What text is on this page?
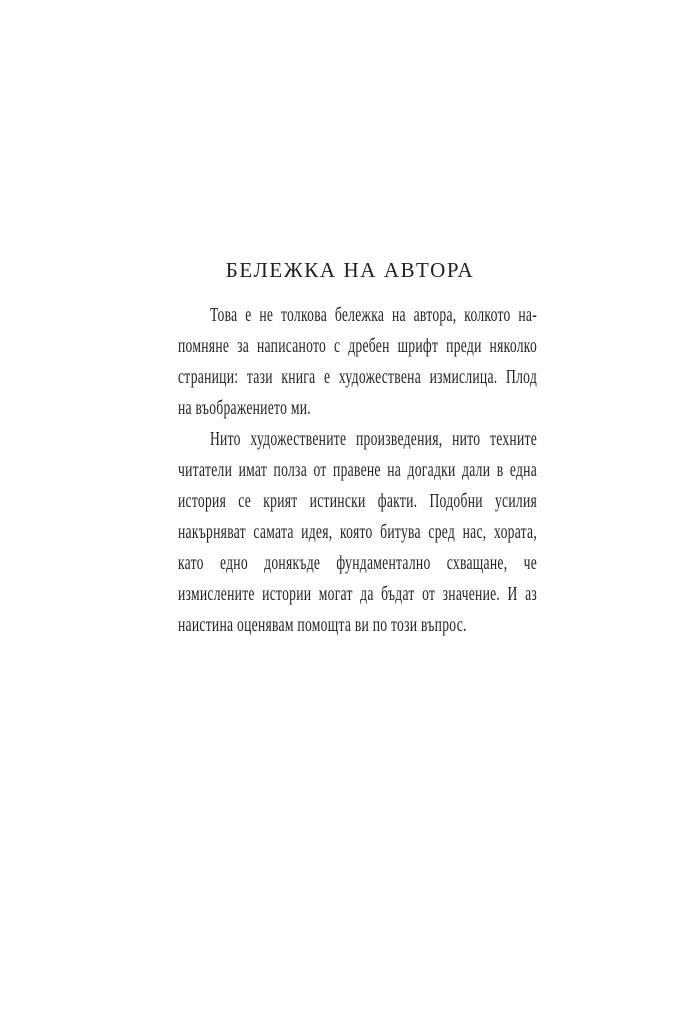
БЕЛЕЖКА НА АВТОРА
Това е не толкова бележка на автора, колкото на-
помняне за написаното с дребен шрифт преди няколко
страници: тази книга е художествена измислица. Плод
на въображението ми.
Нито художествените произведения, нито техните
читатели имат полза от правене на догадки дали в една
история се крият истински факти. Подобни усилия
накърняват самата идея, която битува сред нас, хората,
като едно донякъде фундаментално схващане, че
измислените истории могат да бъдат от значение. И аз
наистина оценявам помощта ви по този въпрос.
